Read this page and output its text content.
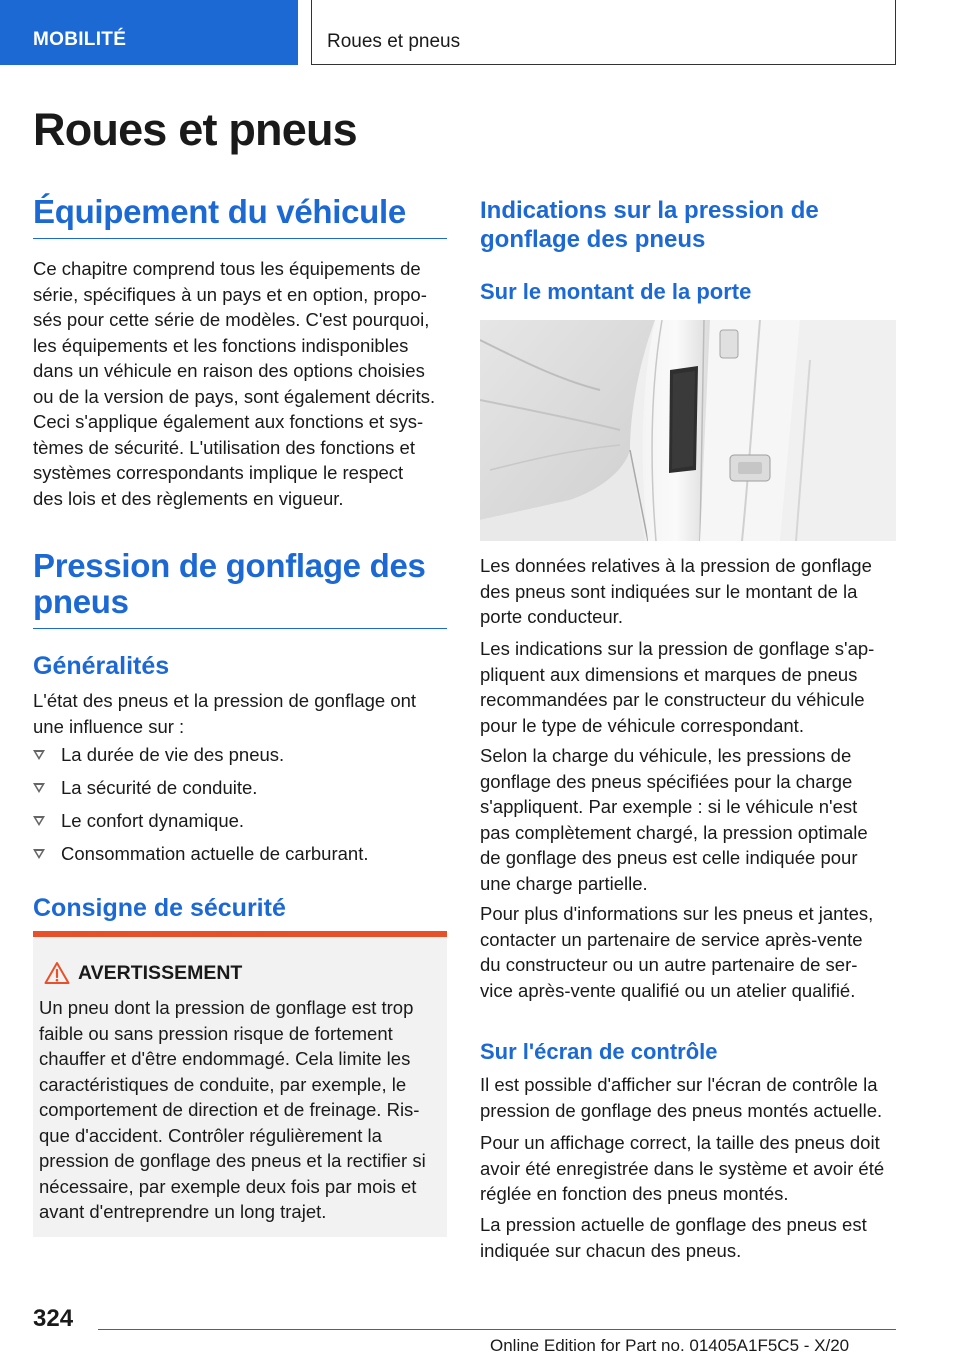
MOBILITÉ	Roues et pneus
Roues et pneus
Équipement du véhicule
Ce chapitre comprend tous les équipements de
série, spécifiques à un pays et en option, propo-
sés pour cette série de modèles. C'est pourquoi,
les équipements et les fonctions indisponibles
dans un véhicule en raison des options choisies
ou de la version de pays, sont également décrits.
Ceci s'applique également aux fonctions et sys-
tèmes de sécurité. L'utilisation des fonctions et
systèmes correspondants implique le respect
des lois et des règlements en vigueur.
Pression de gonflage des
pneus
Généralités
L'état des pneus et la pression de gonflage ont
une influence sur :
La durée de vie des pneus.
La sécurité de conduite.
Le confort dynamique.
Consommation actuelle de carburant.
Consigne de sécurité
AVERTISSEMENT
Un pneu dont la pression de gonflage est trop
faible ou sans pression risque de fortement
chauffer et d'être endommagé. Cela limite les
caractéristiques de conduite, par exemple, le
comportement de direction et de freinage. Ris-
que d'accident. Contrôler régulièrement la
pression de gonflage des pneus et la rectifier si
nécessaire, par exemple deux fois par mois et
avant d'entreprendre un long trajet.
Indications sur la pression de
gonflage des pneus
Sur le montant de la porte
Les données relatives à la pression de gonflage
des pneus sont indiquées sur le montant de la
porte conducteur.
Les indications sur la pression de gonflage s'ap-
pliquent aux dimensions et marques de pneus
recommandées par le constructeur du véhicule
pour le type de véhicule correspondant.
Selon la charge du véhicule, les pressions de
gonflage des pneus spécifiées pour la charge
s'appliquent. Par exemple : si le véhicule n'est
pas complètement chargé, la pression optimale
de gonflage des pneus est celle indiquée pour
une charge partielle.
Pour plus d'informations sur les pneus et jantes,
contacter un partenaire de service après-vente
du constructeur ou un autre partenaire de ser-
vice après-vente qualifié ou un atelier qualifié.
Sur l'écran de contrôle
Il est possible d'afficher sur l'écran de contrôle la
pression de gonflage des pneus montés actuelle.
Pour un affichage correct, la taille des pneus doit
avoir été enregistrée dans le système et avoir été
réglée en fonction des pneus montés.
La pression actuelle de gonflage des pneus est
indiquée sur chacun des pneus.
324
Online Edition for Part no. 01405A1F5C5 - X/20
